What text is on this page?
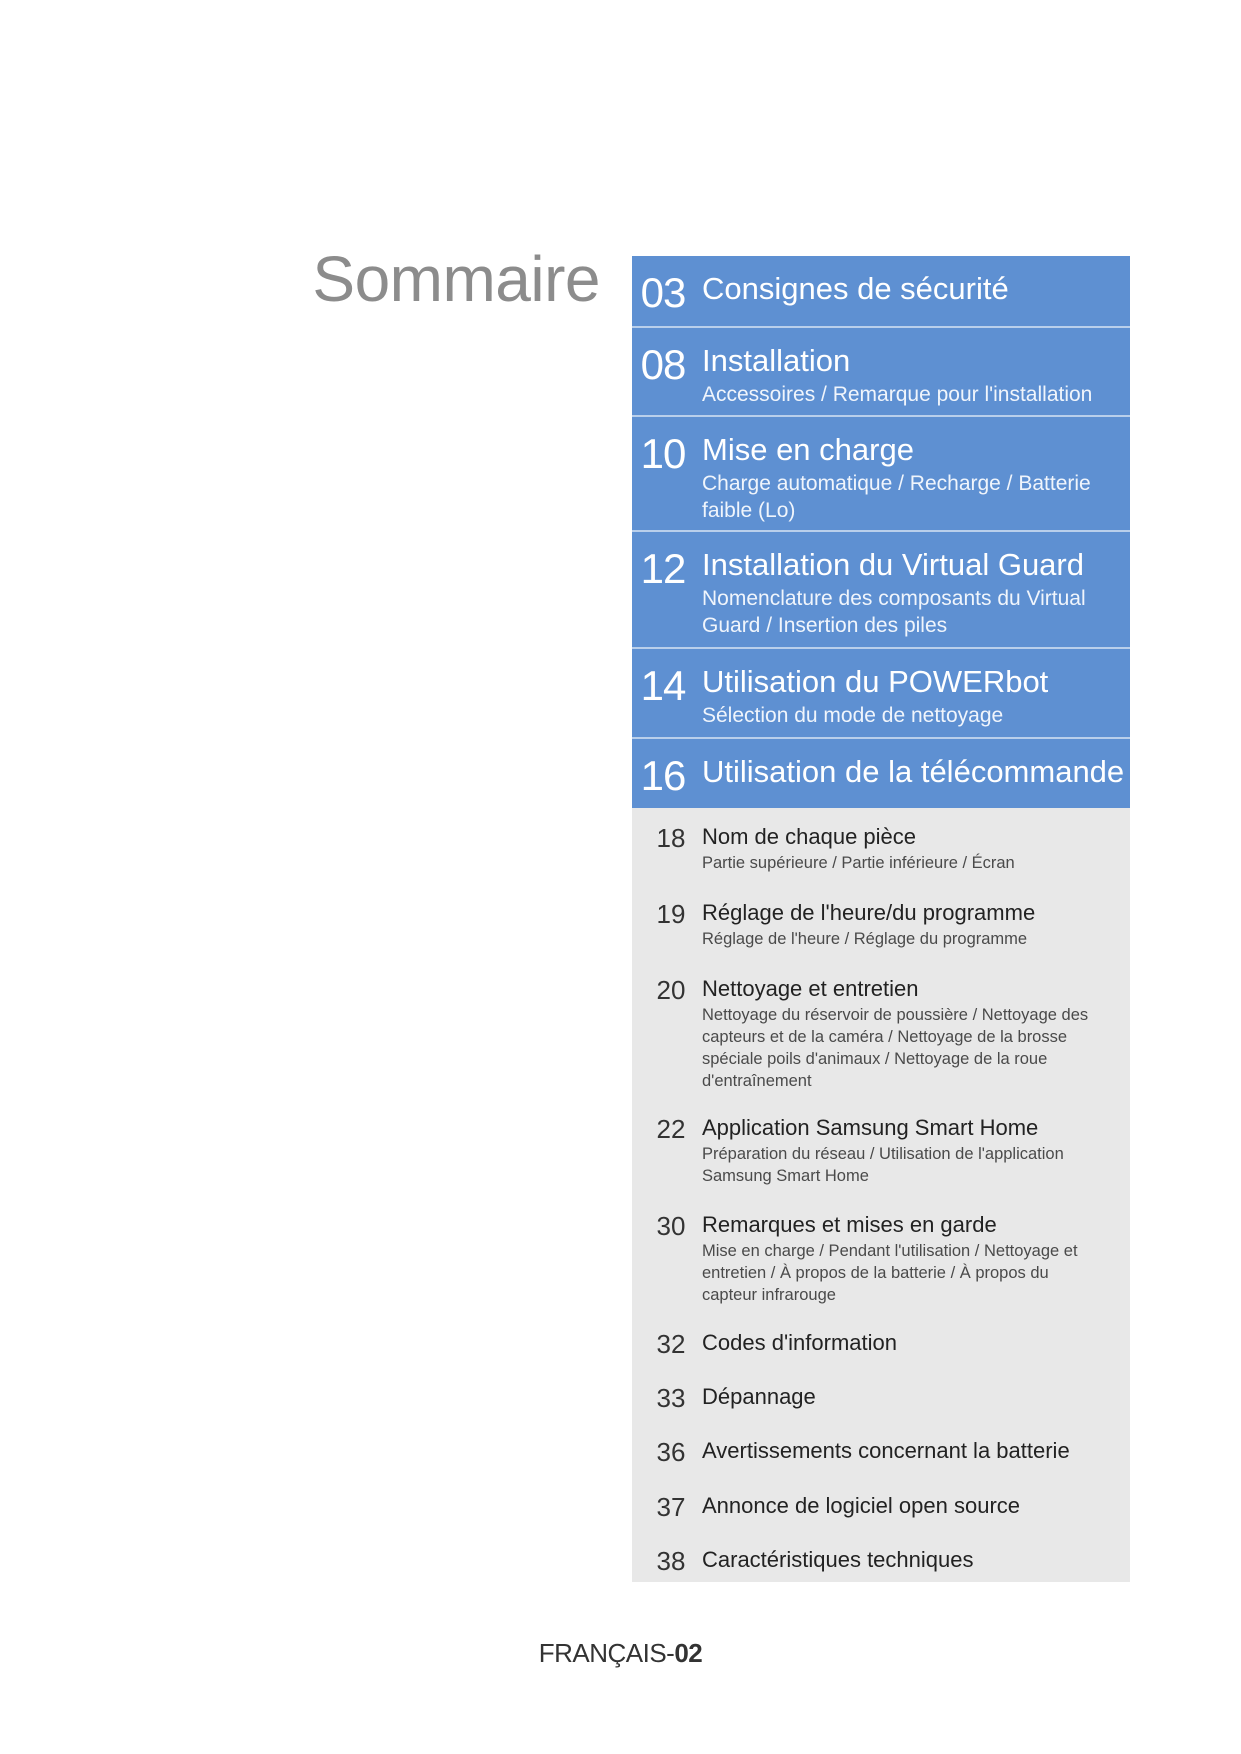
Sommaire 03 Consignes de sécurité
08 Installation
Accessoires / Remarque pour l'installation
10 Mise en charge
Charge automatique / Recharge / Batterie faible (Lo)
12 Installation du Virtual Guard
Nomenclature des composants du Virtual Guard / Insertion des piles
14 Utilisation du POWERbot
Sélection du mode de nettoyage
16 Utilisation de la télécommande
18 Nom de chaque pièce
Partie supérieure / Partie inférieure / Écran
19 Réglage de l'heure/du programme
Réglage de l'heure / Réglage du programme
20 Nettoyage et entretien
Nettoyage du réservoir de poussière / Nettoyage des capteurs et de la caméra / Nettoyage de la brosse spéciale poils d'animaux / Nettoyage de la roue d'entraînement
22 Application Samsung Smart Home
Préparation du réseau / Utilisation de l'application Samsung Smart Home
30 Remarques et mises en garde
Mise en charge / Pendant l'utilisation / Nettoyage et entretien / À propos de la batterie / À propos du capteur infrarouge
32 Codes d'information
33 Dépannage
36 Avertissements concernant la batterie
37 Annonce de logiciel open source
38 Caractéristiques techniques
FRANÇAIS-02
